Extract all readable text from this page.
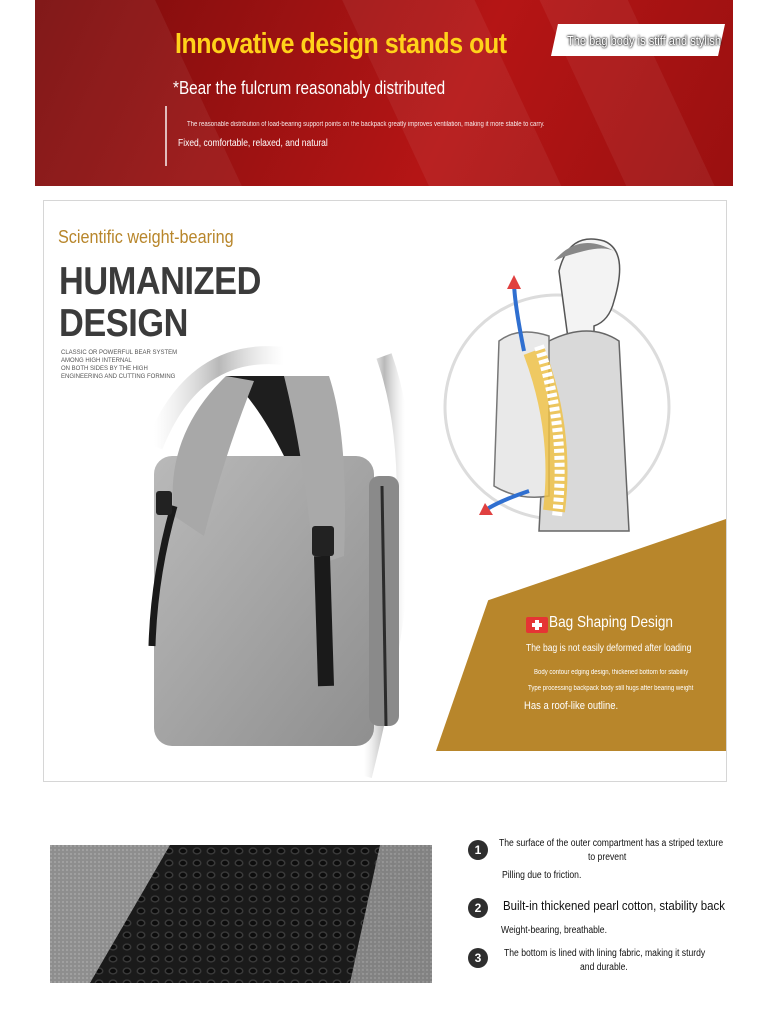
Innovative design stands out	The bag body is stiff and stylish
*Bear the fulcrum reasonably distributed
The reasonable distribution of load-bearing support points on the backpack greatly improves ventilation, making it more stable to carry.
Fixed, comfortable, relaxed, and natural
Scientific weight-bearing
HUMANIZED
DESIGN
CLASSIC OR POWERFUL BEAR SYSTEM
AMONG HIGH INTERNAL
ON BOTH SIDES BY THE HIGH
ENGINEERING AND CUTTING FORMING
Bag Shaping Design
The bag is not easily deformed after loading
Body contour edging design, thickened bottom for stability
Type processing backpack body still hugs after bearing weight
Has a roof-like outline.
1	The surface of the outer compartment has a striped texture
to prevent
Pilling due to friction.
2	Built-in thickened pearl cotton, stability back
Weight-bearing, breathable.
3	The bottom is lined with lining fabric, making it sturdy
and durable.
